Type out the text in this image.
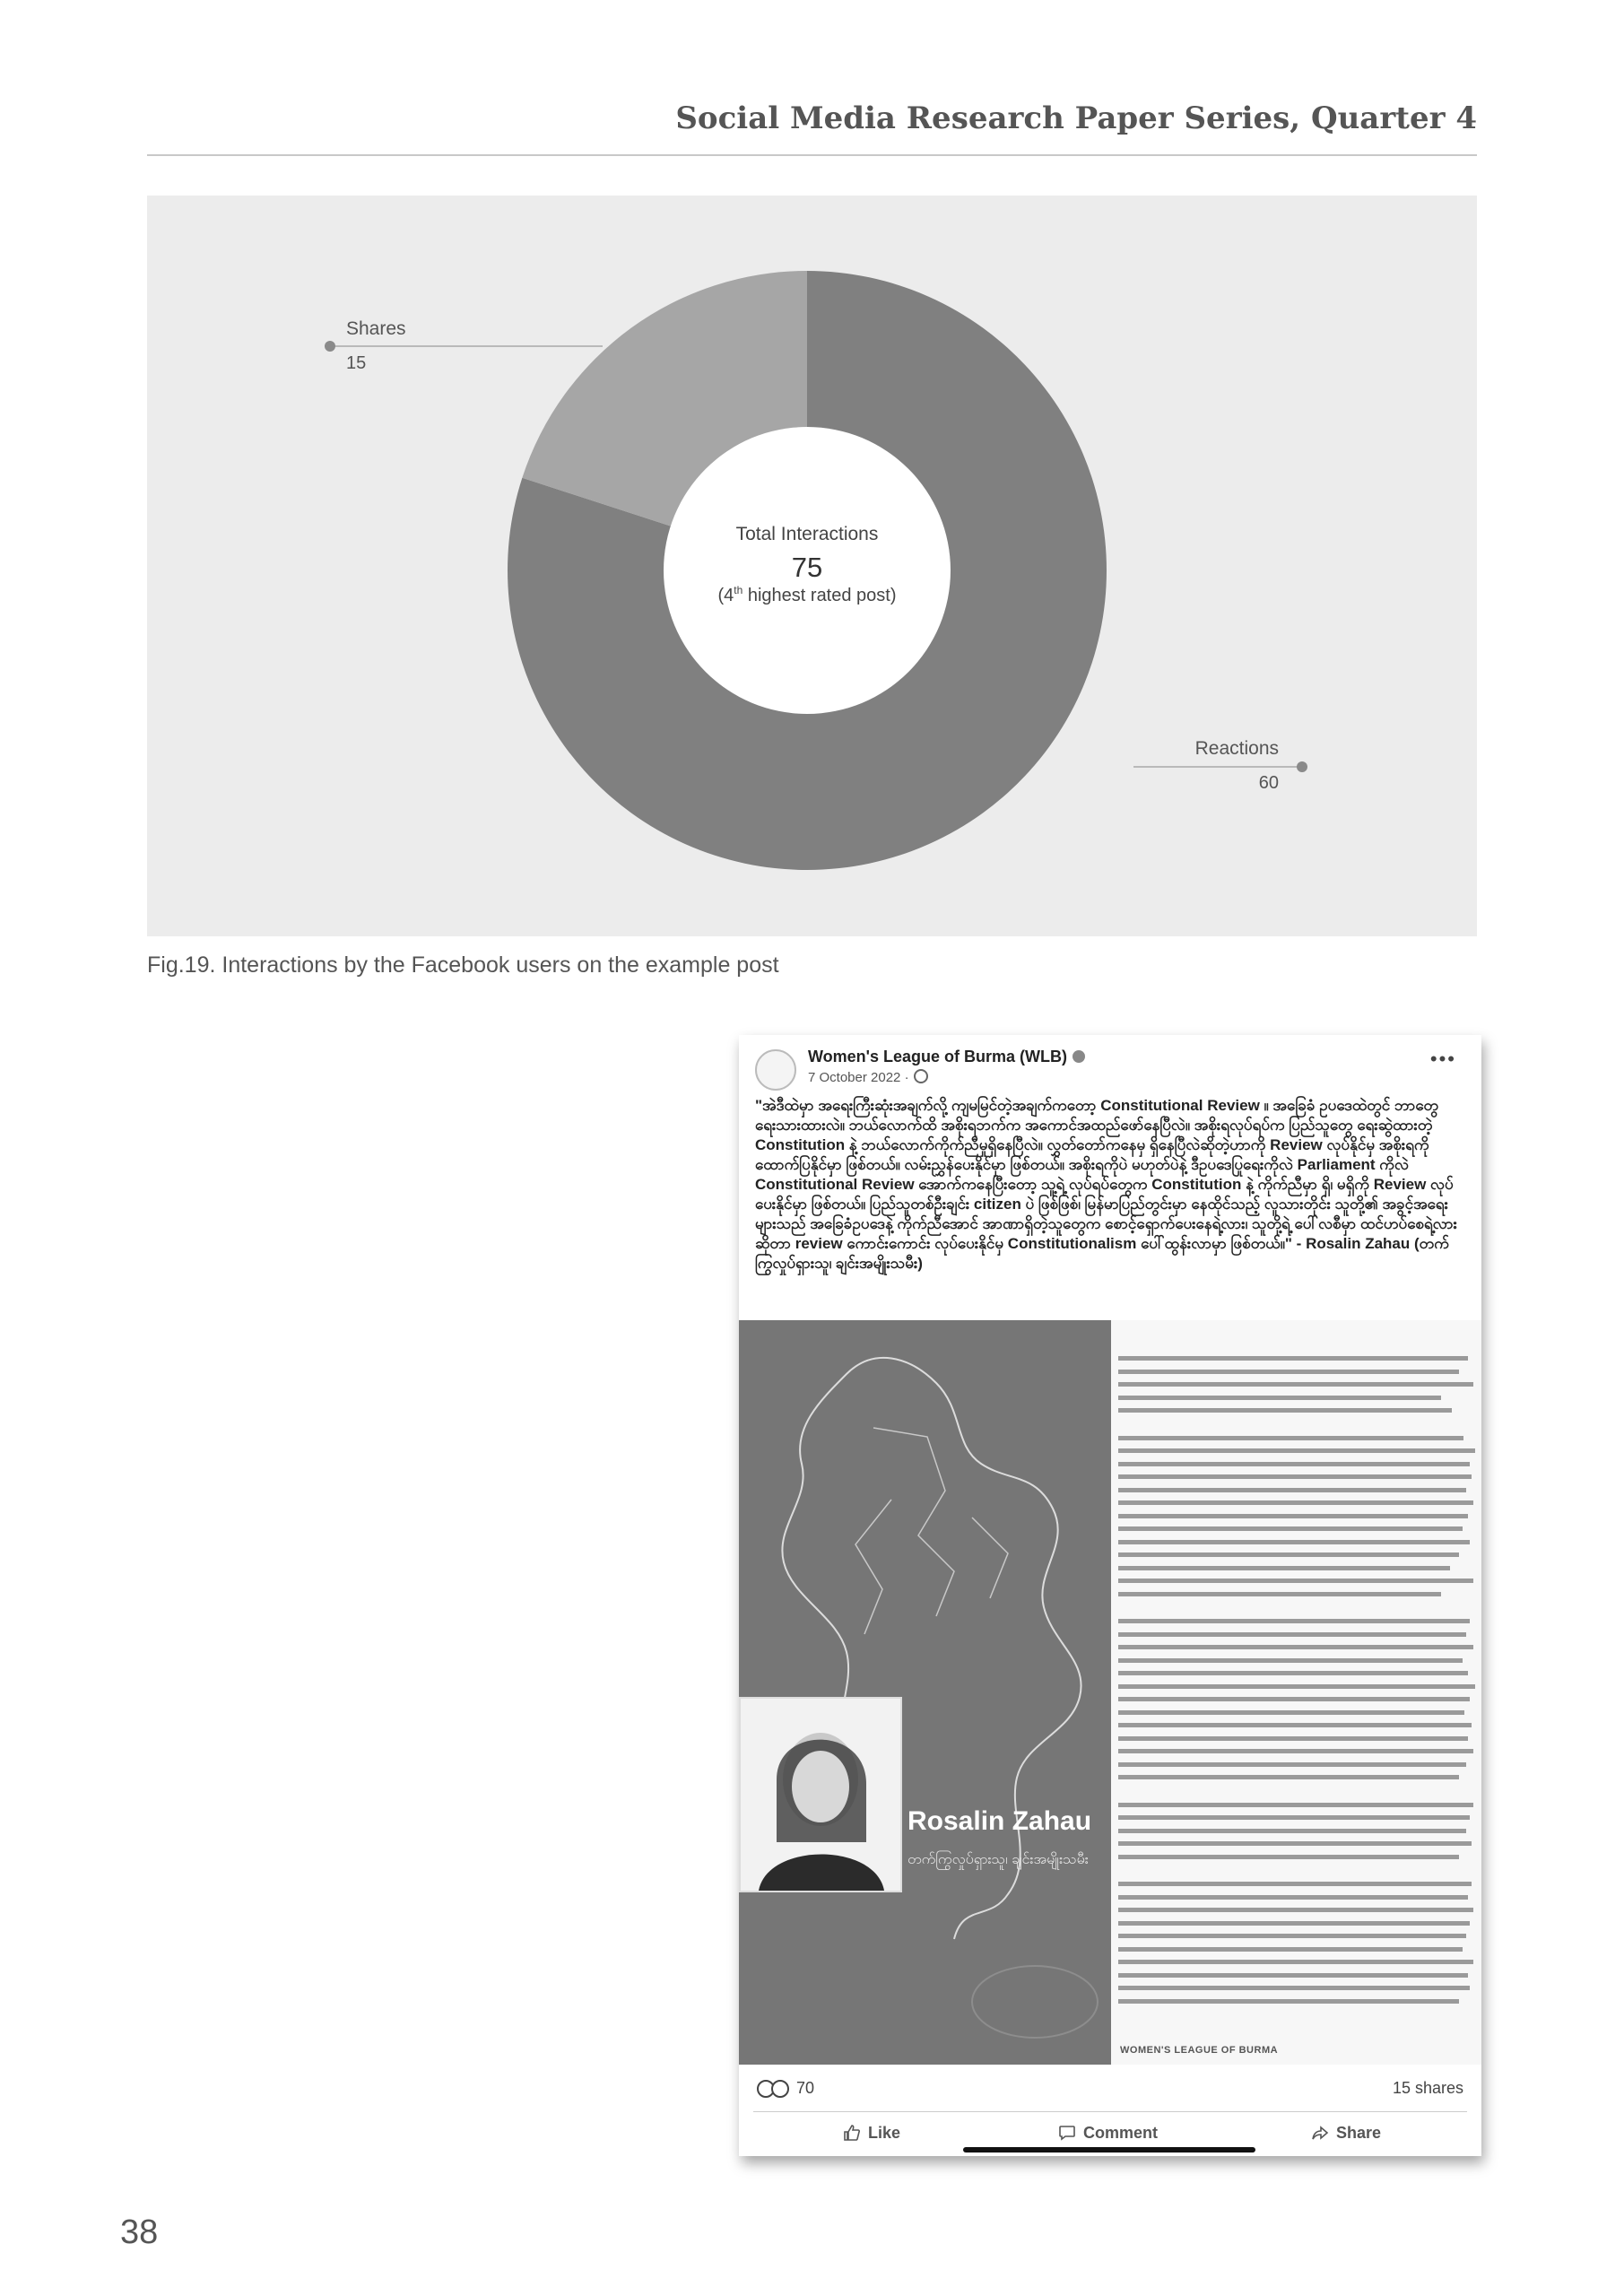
Social Media Research Paper Series, Quarter 4
Total Interactions
75
(4th highest rated post)
Shares
15
Reactions
60
Fig.19. Interactions by the Facebook users on the example post
Women's League of Burma (WLB)
7 October 2022 ·
•••
"အဲဒီထဲမှာ အရေးကြီးဆုံးအချက်လို့ ကျမမြင်တဲ့အချက်ကတော့ Constitutional Review ။ အခြေခံ ဥပဒေထဲတွင် ဘာတွေ ရေးသားထားလဲ။ ဘယ်လောက်ထိ အစိုးရဘက်က အကောင်အထည်ဖော်နေပြီလဲ။ အစိုးရလုပ်ရပ်က ပြည်သူတွေ ရေးဆွဲထားတဲ့ Constitution နဲ့ ဘယ်လောက်ကိုက်ညီမှုရှိနေပြီလဲ။ လွှတ်တော်ကနေမှ ရှိနေပြီလဲဆိုတဲ့ဟာကို Review လုပ်နိုင်မှ အစိုးရကို ထောက်ပြနိုင်မှာ ဖြစ်တယ်။ လမ်းညွှန်ပေးနိုင်မှာ ဖြစ်တယ်။ အစိုးရကိုပဲ မဟုတ်ပဲနဲ့ ဒီဥပဒေပြုရေးကိုလဲ Parliament ကိုလဲ Constitutional Review အောက်ကနေပြီးတော့ သူ့ရဲ့ လုပ်ရပ်တွေက Constitution နဲ့ ကိုက်ညီမှာ ရှိ၊ မရှိကို Review လုပ်ပေးနိုင်မှာ ဖြစ်တယ်။ ပြည်သူတစ်ဦးချင်း citizen ပဲ ဖြစ်ဖြစ်၊ မြန်မာပြည်တွင်းမှာ နေထိုင်သည့် လူသားတိုင်း သူတို့၏ အခွင့်အရေးများသည် အခြေခံဥပဒေနဲ့ ကိုက်ညီအောင် အာဏာရှိတဲ့သူတွေက စောင့်ရှောက်ပေးနေရဲ့လား၊ သူတို့ရဲ့ ပေါ်လစီမှာ ထင်ဟပ်စေရဲ့လားဆိုတာ review ကောင်းကောင်း လုပ်ပေးနိုင်မှ Constitutionalism ပေါ်ထွန်းလာမှာ ဖြစ်တယ်။" - Rosalin Zahau (တက်ကြွလှုပ်ရှားသူ၊ ချင်းအမျိုးသမီး)
Rosalin Zahau
တက်ကြွလှုပ်ရှားသူ၊ ချင်းအမျိုးသမီး
WOMEN'S LEAGUE OF BURMA
70	15 shares
Like	Comment	Share
38
